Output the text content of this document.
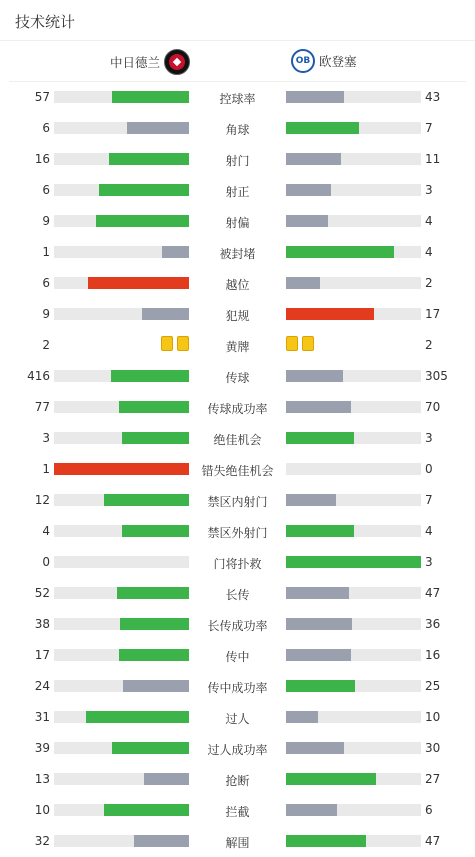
技术统计
中日德兰	OB 欧登塞
57	控球率	43
6	角球	7
16	射门	11
6	射正	3
9	射偏	4
1	被封堵	4
6	越位	2
9	犯规	17
2	黄牌	2
416	传球	305
77	传球成功率	70
3	绝佳机会	3
1	错失绝佳机会	0
12	禁区内射门	7
4	禁区外射门	4
0	门将扑救	3
52	长传	47
38	长传成功率	36
17	传中	16
24	传中成功率	25
31	过人	10
39	过人成功率	30
13	抢断	27
10	拦截	6
32	解围	47
